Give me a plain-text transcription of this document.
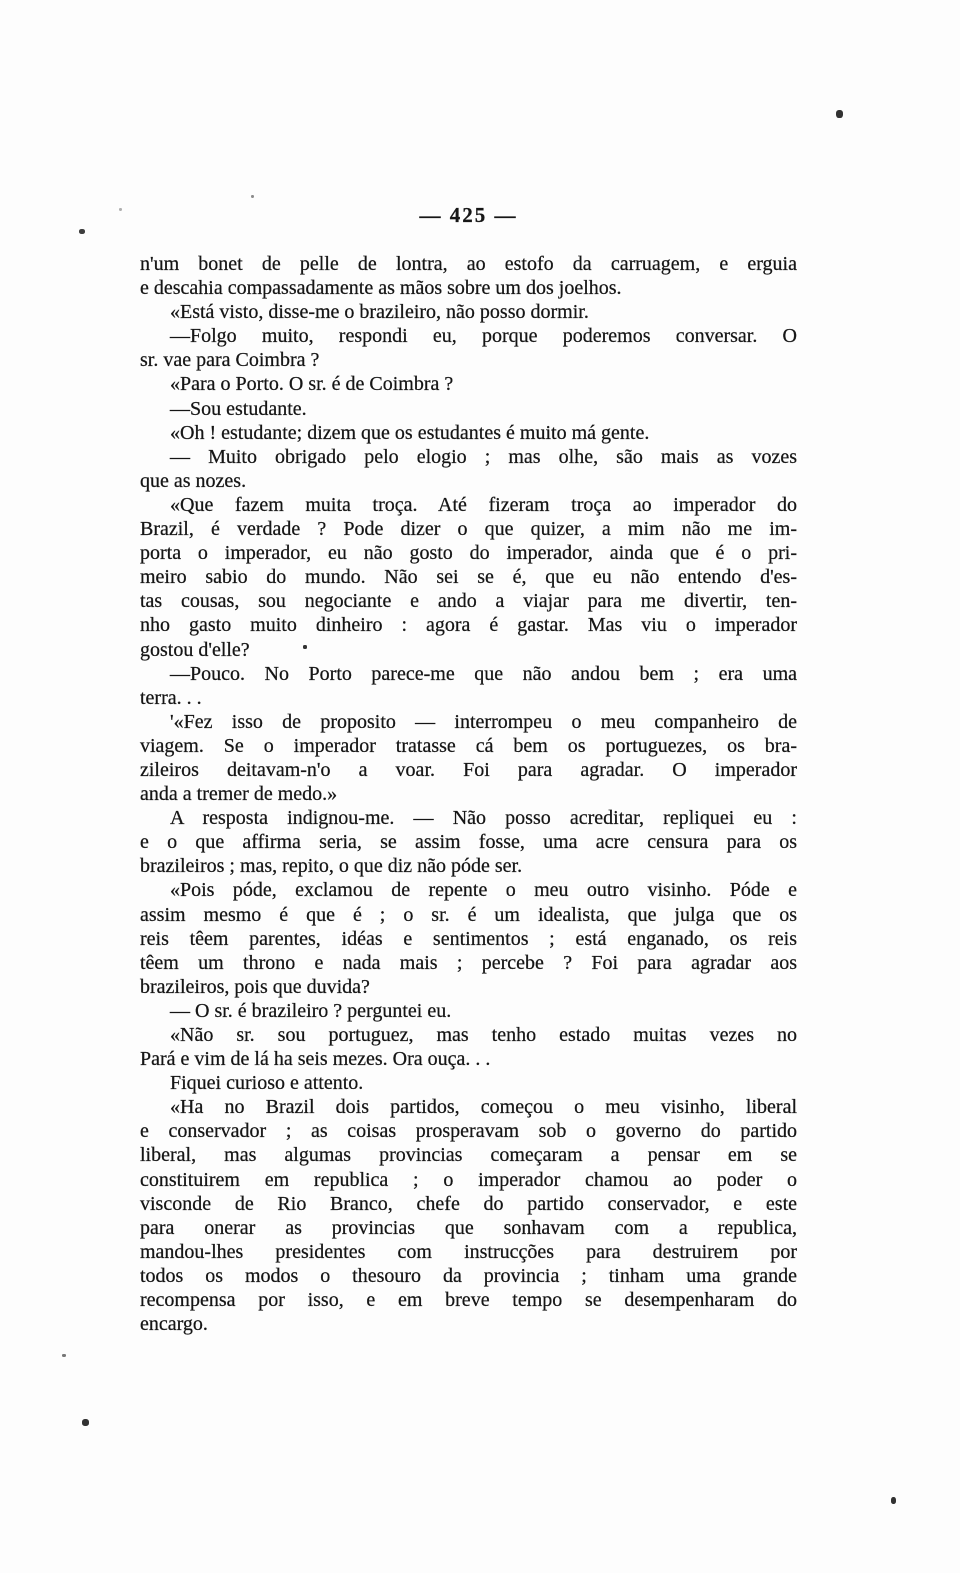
— 425 —
n'um bonet de pelle de lontra, ao estofo da carruagem, e erguia
e descahia compassadamente as mãos sobre um dos joelhos.
«Está visto, disse-me o brazileiro, não posso dormir.
—Folgo muito, respondi eu, porque poderemos conversar. O
sr. vae para Coimbra ?
«Para o Porto. O sr. é de Coimbra ?
—Sou estudante.
«Oh ! estudante; dizem que os estudantes é muito má gente.
— Muito obrigado pelo elogio ; mas olhe, são mais as vozes
que as nozes.
«Que fazem muita troça. Até fizeram troça ao imperador do
Brazil, é verdade ? Pode dizer o que quizer, a mim não me im-
porta o imperador, eu não gosto do imperador, ainda que é o pri-
meiro sabio do mundo. Não sei se é, que eu não entendo d'es-
tas cousas, sou negociante e ando a viajar para me divertir, ten-
nho gasto muito dinheiro : agora é gastar. Mas viu o imperador
gostou d'elle?
—Pouco. No Porto parece-me que não andou bem ; era uma
terra. . .
'«Fez isso de proposito — interrompeu o meu companheiro de
viagem. Se o imperador tratasse cá bem os portuguezes, os bra-
zileiros deitavam-n'o a voar. Foi para agradar. O imperador
anda a tremer de medo.»
A resposta indignou-me. — Não posso acreditar, repliquei eu :
e o que affirma seria, se assim fosse, uma acre censura para os
brazileiros ; mas, repito, o que diz não póde ser.
«Pois póde, exclamou de repente o meu outro visinho. Póde e
assim mesmo é que é ; o sr. é um idealista, que julga que os
reis têem parentes, idéas e sentimentos ; está enganado, os reis
têem um throno e nada mais ; percebe ? Foi para agradar aos
brazileiros, pois que duvida?
— O sr. é brazileiro ? perguntei eu.
«Não sr. sou portuguez, mas tenho estado muitas vezes no
Pará e vim de lá ha seis mezes. Ora ouça. . .
Fiquei curioso e attento.
«Ha no Brazil dois partidos, começou o meu visinho, liberal
e conservador ; as coisas prosperavam sob o governo do partido
liberal, mas algumas provincias começaram a pensar em se
constituirem em republica ; o imperador chamou ao poder o
visconde de Rio Branco, chefe do partido conservador, e este
para onerar as provincias que sonhavam com a republica,
mandou-lhes presidentes com instrucções para destruirem por
todos os modos o thesouro da provincia ; tinham uma grande
recompensa por isso, e em breve tempo se desempenharam do
encargo.
